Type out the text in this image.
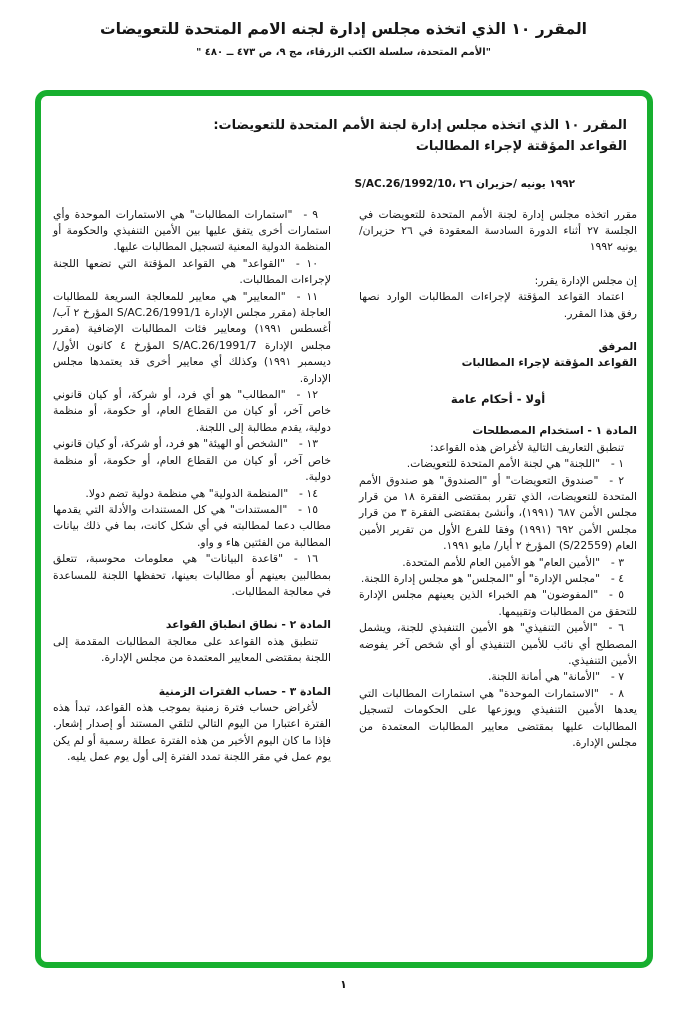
المقرر ١٠ الذي اتخذه مجلس إدارة لجنه الامم المتحدة للتعويضات
"الأمم المتحدة، سلسلة الكتب الزرقاء، مج ٩، ص ٤٧٣ ــ ٤٨٠ "
المقرر ١٠ الذي اتخذه مجلس إدارة لجنة الأمم المتحدة للتعويضات:
القواعد المؤقتة لإجراء المطالبات
١٩٩٢ يونيه /حزيران ٢٦ ،S/AC.26/1992/10

مقرر اتخذه مجلس إدارة لجنة الأمم المتحدة للتعويضات في الجلسة ٢٧ أثناء الدورة السادسة المعقودة في ٢٦ حزيران/ يونيه ١٩٩٢

إن مجلس الإدارة يقرر:

اعتماد القواعد المؤقتة لإجراءات المطالبات الوارد نصها رفق هذا المقرر.

المرفق

القواعد المؤقتة لإجراء المطالبات

أولا - أحكام عامة

المادة ١ - استخدام المصطلحات

تنطبق التعاريف التالية لأغراض هذه القواعد:

١ - "اللجنة" هي لجنة الأمم المتحدة للتعويضات.

٢ - "صندوق التعويضات" أو "الصندوق" هو صندوق الأمم المتحدة للتعويضات، الذي تقرر بمقتضى الفقرة ١٨ من قرار مجلس الأمن ٦٨٧ (١٩٩١)، وأنشئ بمقتضى الفقرة ٣ من قرار مجلس الأمن ٦٩٢ (١٩٩١) وفقا للفرع الأول من تقرير الأمين العام (S/22559) المؤرخ ٢ أيار/ مايو ١٩٩١.

٣ - "الأمين العام" هو الأمين العام للأمم المتحدة.

٤ - "مجلس الإدارة" أو "المجلس" هو مجلس إدارة اللجنة.

٥ - "المفوضون" هم الخبراء الذين يعينهم مجلس الإدارة للتحقق من المطالبات وتقييمها.

٦ - "الأمين التنفيذي" هو الأمين التنفيذي للجنة، ويشمل المصطلح أي نائب للأمين التنفيذي أو أي شخص آخر يفوضه الأمين التنفيذي.

٧ - "الأمانة" هي أمانة اللجنة.

٨ - "الاستمارات الموحدة" هي استمارات المطالبات التي يعدها الأمين التنفيذي ويوزعها على الحكومات لتسجيل المطالبات عليها بمقتضى معايير المطالبات المعتمدة من مجلس الإدارة.

٩ - "استمارات المطالبات" هي الاستمارات الموحدة وأي استمارات أخرى يتفق عليها بين الأمين التنفيذي والحكومة أو المنظمة الدولية المعنية لتسجيل المطالبات عليها.

١٠ - "القواعد" هي القواعد المؤقتة التي تضعها اللجنة لإجراءات المطالبات.

١١ - "المعايير" هي معايير للمعالجة السريعة للمطالبات العاجلة (مقرر مجلس الإدارة S/AC.26/1991/1 المؤرخ ٢ آب/ أغسطس ١٩٩١) ومعايير فئات المطالبات الإضافية (مقرر مجلس الإدارة S/AC.26/1991/7 المؤرخ ٤ كانون الأول/ ديسمبر ١٩٩١) وكذلك أي معايير أخرى قد يعتمدها مجلس الإدارة.

١٢ - "المطالب" هو أي فرد، أو شركة، أو كيان قانوني خاص آخر، أو كيان من القطاع العام، أو حكومة، أو منظمة دولية، يقدم مطالبة إلى اللجنة.

١٣ - "الشخص أو الهيئة" هو فرد، أو شركة، أو كيان قانوني خاص آخر، أو كيان من القطاع العام، أو حكومة، أو منظمة دولية.

١٤ - "المنظمة الدولية" هي منظمة دولية تضم دولا.

١٥ - "المستندات" هي كل المستندات والأدلة التي يقدمها مطالب دعما لمطالبته في أي شكل كانت، بما في ذلك بيانات المطالبة من الفئتين هاء و واو.

١٦ - "قاعدة البيانات" هي معلومات محوسبة، تتعلق بمطالبين بعينهم أو مطالبات بعينها، تحفظها اللجنة للمساعدة في معالجة المطالبات.

المادة ٢ - نطاق انطباق القواعد

تنطبق هذه القواعد على معالجة المطالبات المقدمة إلى اللجنة بمقتضى المعايير المعتمدة من مجلس الإدارة.

المادة ٣ - حساب الفترات الزمنية

لأغراض حساب فترة زمنية بموجب هذه القواعد، تبدأ هذه الفترة اعتبارا من اليوم التالي لتلقي المستند أو إصدار إشعار. فإذا ما كان اليوم الأخير من هذه الفترة عطلة رسمية أو لم يكن يوم عمل في مقر اللجنة تمدد الفترة إلى أول يوم عمل يليه.

١
